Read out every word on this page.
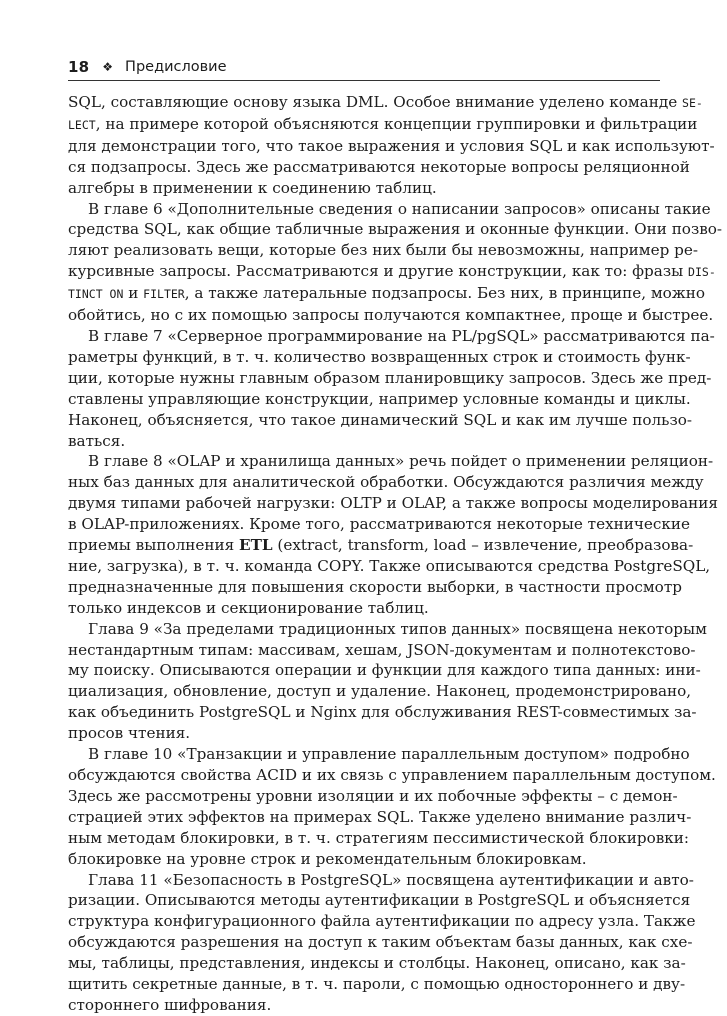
18 ❖ Предисловие

SQL, составляющие основу языка DML. Особое внимание уделено команде SE-
LECT, на примере которой объясняются концепции группировки и фильтрации
для демонстрации того, что такое выражения и условия SQL и как используют-
ся подзапросы. Здесь же рассматриваются некоторые вопросы реляционной
алгебры в применении к соединению таблиц.

В главе 6 «Дополнительные сведения о написании запросов» описаны такие
средства SQL, как общие табличные выражения и оконные функции. Они позво-
ляют реализовать вещи, которые без них были бы невозможны, например ре-
курсивные запросы. Рассматриваются и другие конструкции, как то: фразы DIS-
TINCT ON и FILTER, а также латеральные подзапросы. Без них, в принципе, можно
обойтись, но с их помощью запросы получаются компактнее, проще и быстрее.

В главе 7 «Серверное программирование на PL/pgSQL» рассматриваются па-
раметры функций, в т. ч. количество возвращенных строк и стоимость функ-
ции, которые нужны главным образом планировщику запросов. Здесь же пред-
ставлены управляющие конструкции, например условные команды и циклы.
Наконец, объясняется, что такое динамический SQL и как им лучше пользо-
ваться.

В главе 8 «OLAP и хранилища данных» речь пойдет о применении реляцион-
ных баз данных для аналитической обработки. Обсуждаются различия между
двумя типами рабочей нагрузки: OLTP и OLAP, а также вопросы моделирования
в OLAP-приложениях. Кроме того, рассматриваются некоторые технические
приемы выполнения ETL (extract, transform, load – извлечение, преобразова-
ние, загрузка), в т. ч. команда COPY. Также описываются средства PostgreSQL,
предназначенные для повышения скорости выборки, в частности просмотр
только индексов и секционирование таблиц.

Глава 9 «За пределами традиционных типов данных» посвящена некоторым
нестандартным типам: массивам, хешам, JSON-документам и полнотекстово-
му поиску. Описываются операции и функции для каждого типа данных: ини-
циализация, обновление, доступ и удаление. Наконец, продемонстрировано,
как объединить PostgreSQL и Nginx для обслуживания REST-совместимых за-
просов чтения.

В главе 10 «Транзакции и управление параллельным доступом» подробно
обсуждаются свойства ACID и их связь с управлением параллельным доступом.
Здесь же рассмотрены уровни изоляции и их побочные эффекты – с демон-
страцией этих эффектов на примерах SQL. Также уделено внимание различ-
ным методам блокировки, в т. ч. стратегиям пессимистической блокировки:
блокировке на уровне строк и рекомендательным блокировкам.

Глава 11 «Безопасность в PostgreSQL» посвящена аутентификации и авто-
ризации. Описываются методы аутентификации в PostgreSQL и объясняется
структура конфигурационного файла аутентификации по адресу узла. Также
обсуждаются разрешения на доступ к таким объектам базы данных, как схе-
мы, таблицы, представления, индексы и столбцы. Наконец, описано, как за-
щитить секретные данные, в т. ч. пароли, с помощью одностороннего и дву-
стороннего шифрования.
